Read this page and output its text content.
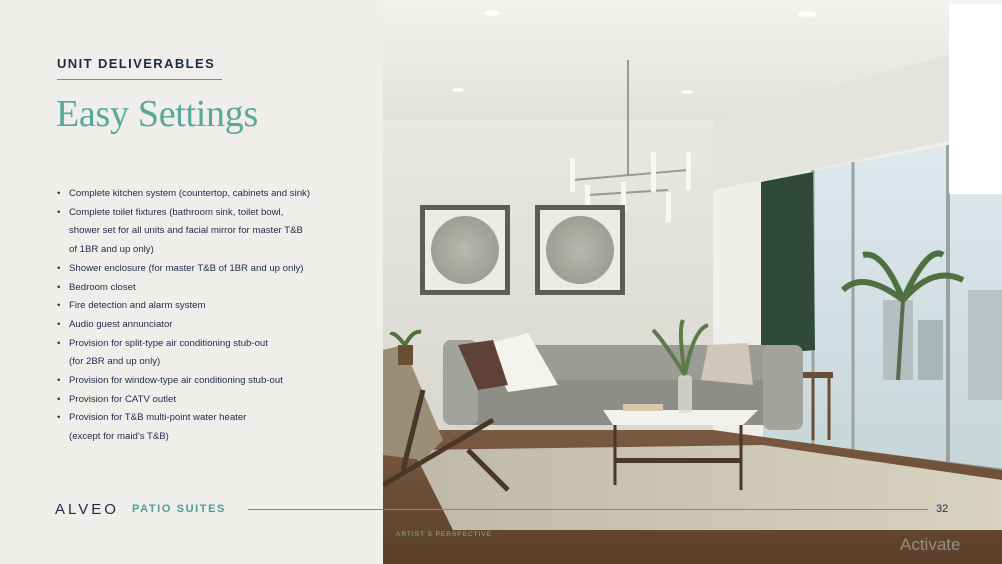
UNIT DELIVERABLES
Easy Settings
• Complete kitchen system (countertop, cabinets and sink)
• Complete toilet fixtures (bathroom sink, toilet bowl,
shower set for all units and facial mirror for master T&B
of 1BR and up only)
• Shower enclosure (for master T&B of 1BR and up only)
• Bedroom closet
• Fire detection and alarm system
• Audio guest annunciator
• Provision for split-type air conditioning stub-out
(for 2BR and up only)
• Provision for window-type air conditioning stub-out
• Provision for CATV outlet
• Provision for T&B multi-point water heater
(except for maid’s T&B)
ALVEO PATIO SUITES	32
ARTIST’S PERSPECTIVE
Activate
